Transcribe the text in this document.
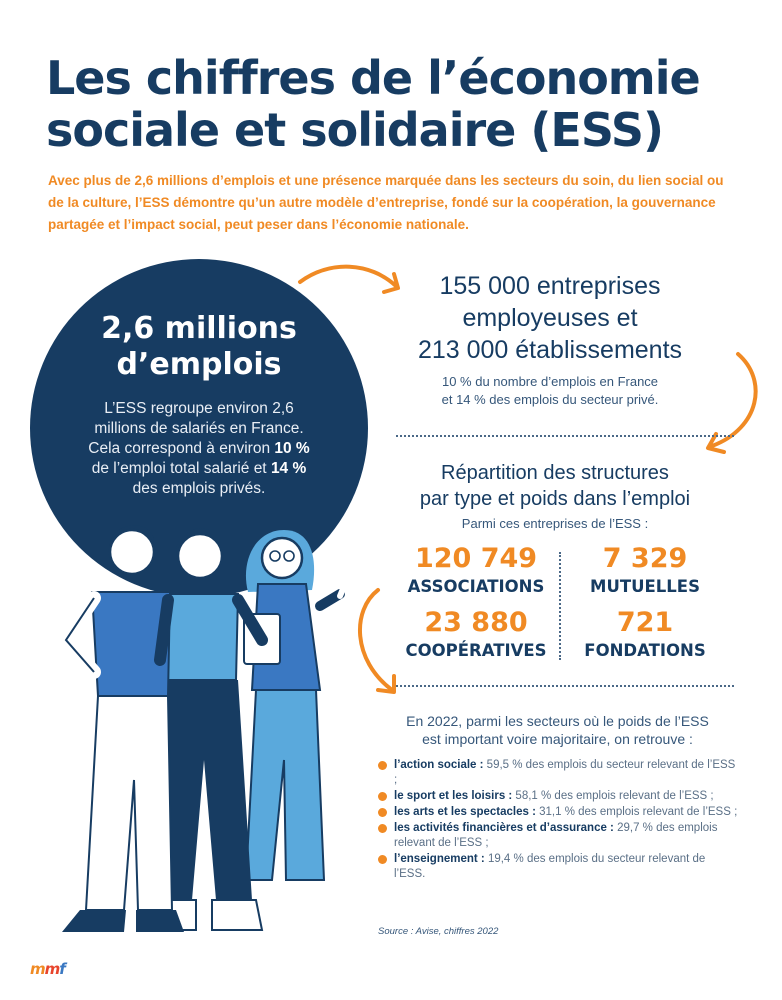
Les chiffres de l’économie
sociale et solidaire (ESS)

Avec plus de 2,6 millions d’emplois et une présence marquée dans les secteurs du soin, du lien social ou de la culture, l’ESS démontre qu’un autre modèle d’entreprise, fondé sur la coopération, la gouvernance partagée et l’impact social, peut peser dans l’économie nationale.

2,6 millions
d’emplois

L’ESS regroupe environ 2,6 millions de salariés en France. Cela correspond à environ 10 % de l’emploi total salarié et 14 % des emplois privés.

155 000 entreprises
employeuses et
213 000 établissements
10 % du nombre d’emplois en France
et 14 % des emplois du secteur privé.
Répartition des structures
par type et poids dans l’emploi
Parmi ces entreprises de l’ESS :
120 749
ASSOCIATIONS
7 329
MUTUELLES
23 880
COOPÉRATIVES
721
FONDATIONS
En 2022, parmi les secteurs où le poids de l’ESS
est important voire majoritaire, on retrouve :
l’action sociale : 59,5 % des emplois du secteur relevant de l’ESS ;
le sport et les loisirs : 58,1 % des emplois relevant de l’ESS ;
les arts et les spectacles : 31,1 % des emplois relevant de l’ESS ;
les activités financières et d’assurance : 29,7 % des emplois relevant de l’ESS ;
l’enseignement : 19,4 % des emplois du secteur relevant de l’ESS.
Source : Avise, chiffres 2022
mmf
